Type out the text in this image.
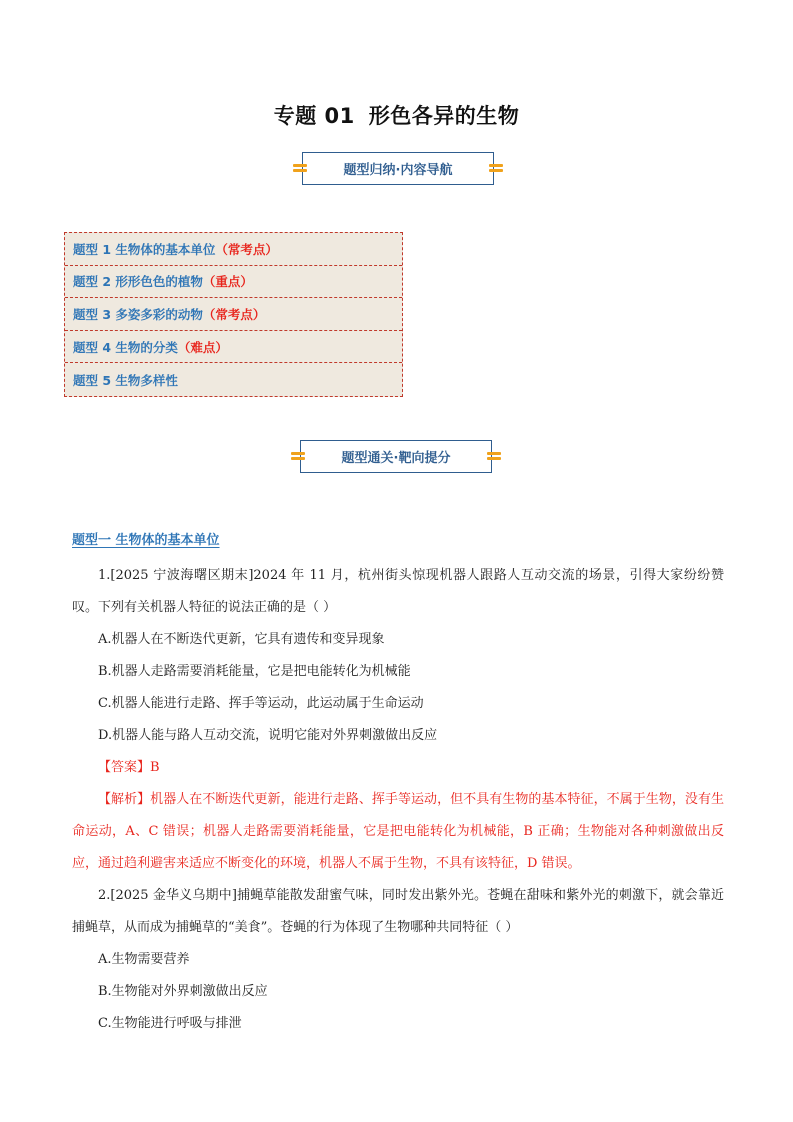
专题 01 形色各异的生物
题型归纳·内容导航
题型 1 生物体的基本单位 （常考点）
题型 2 形形色色的植物 （重点）
题型 3 多姿多彩的动物 （常考点）
题型 4 生物的分类 （难点）
题型 5 生物多样性
题型通关·靶向提分
题型一 生物体的基本单位

1.[2025 宁波海曙区期末]2024 年 11 月，杭州街头惊现机器人跟路人互动交流的场景，引得大家纷纷赞叹。下列有关机器人特征的说法正确的是（ ）

A.机器人在不断迭代更新，它具有遗传和变异现象

B.机器人走路需要消耗能量，它是把电能转化为机械能

C.机器人能进行走路、挥手等运动，此运动属于生命运动

D.机器人能与路人互动交流，说明它能对外界刺激做出反应

【答案】B

【解析】机器人在不断迭代更新，能进行走路、挥手等运动，但不具有生物的基本特征，不属于生物，没有生命运动，A、C 错误；机器人走路需要消耗能量，它是把电能转化为机械能，B 正确；生物能对各种刺激做出反应，通过趋利避害来适应不断变化的环境，机器人不属于生物，不具有该特征，D 错误。

2.[2025 金华义乌期中]捕蝇草能散发甜蜜气味，同时发出紫外光。苍蝇在甜味和紫外光的刺激下，就会靠近捕蝇草，从而成为捕蝇草的“美食”。苍蝇的行为体现了生物哪种共同特征（ ）

A.生物需要营养

B.生物能对外界刺激做出反应

C.生物能进行呼吸与排泄
